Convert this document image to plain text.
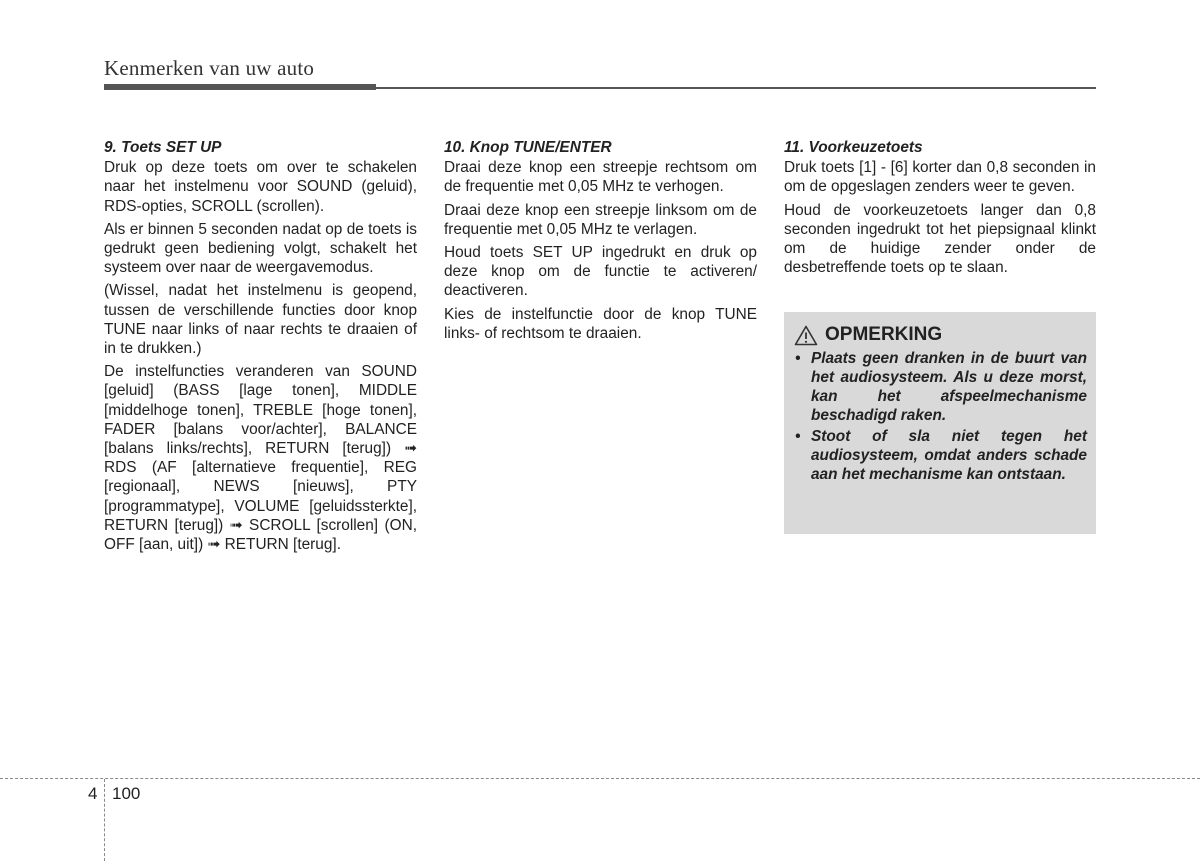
Kenmerken van uw auto

9. Toets SET UP

Druk op deze toets om over te schakelen naar het instelmenu voor SOUND (geluid), RDS-opties, SCROLL (scrollen).

Als er binnen 5 seconden nadat op de toets is gedrukt geen bediening volgt, schakelt het systeem over naar de weergavemodus.

(Wissel, nadat het instelmenu is geopend, tussen de verschillende functies door knop TUNE naar links of naar rechts te draaien of in te drukken.)

De instelfuncties veranderen van SOUND [geluid] (BASS [lage tonen], MIDDLE [middelhoge tonen], TREBLE [hoge tonen], FADER [balans voor/achter], BALANCE [balans links/rechts], RETURN [terug]) ➟ RDS (AF [alternatieve frequentie], REG [regionaal], NEWS [nieuws], PTY [programmatype], VOLUME [geluidssterkte], RETURN [terug]) ➟ SCROLL [scrollen] (ON, OFF [aan, uit]) ➟ RETURN [terug].

10. Knop TUNE/ENTER

Draai deze knop een streepje rechtsom om de frequentie met 0,05 MHz te verhogen.

Draai deze knop een streepje linksom om de frequentie met 0,05 MHz te verlagen.

Houd toets SET UP ingedrukt en druk op deze knop om de functie te activeren/ deactiveren.

Kies de instelfunctie door de knop TUNE links- of rechtsom te draaien.

11. Voorkeuzetoets

Druk toets [1] - [6] korter dan 0,8 seconden in om de opgeslagen zenders weer te geven.

Houd de voorkeuzetoets langer dan 0,8 seconden ingedrukt tot het piepsignaal klinkt om de huidige zender onder de desbetreffende toets op te slaan.

OPMERKING
• Plaats geen dranken in de buurt van het audiosysteem. Als u deze morst, kan het afspeelmechanisme beschadigd raken.
• Stoot of sla niet tegen het audiosysteem, omdat anders schade aan het mechanisme kan ontstaan.
4 100
